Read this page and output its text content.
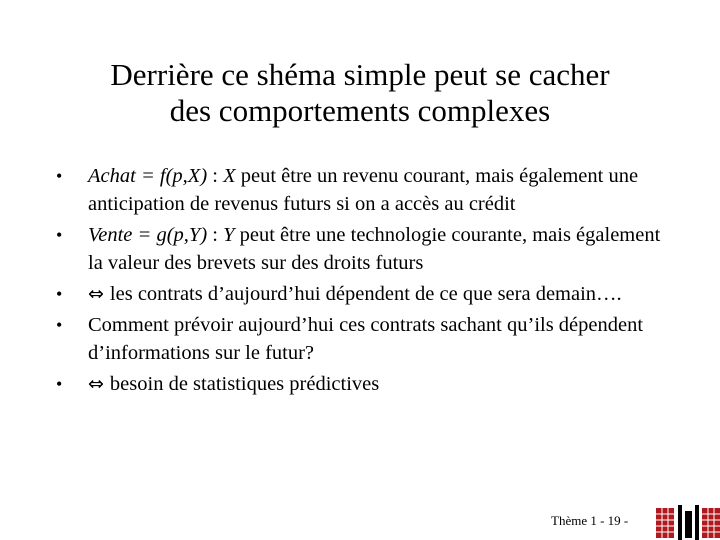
Derrière ce shéma simple peut se cacher
des comportements complexes
• Achat = f(p,X) : X peut être un revenu courant, mais également une anticipation de revenus futurs si on a accès au crédit
• Vente = g(p,Y) : Y peut être une technologie courante, mais également la valeur des brevets sur des droits futurs
• ⇔ les contrats d’aujourd’hui dépendent de ce que sera demain….
• Comment prévoir aujourd’hui ces contrats sachant qu’ils dépendent d’informations sur le futur?
• ⇔ besoin de statistiques prédictives
Thème 1 - 19 -
